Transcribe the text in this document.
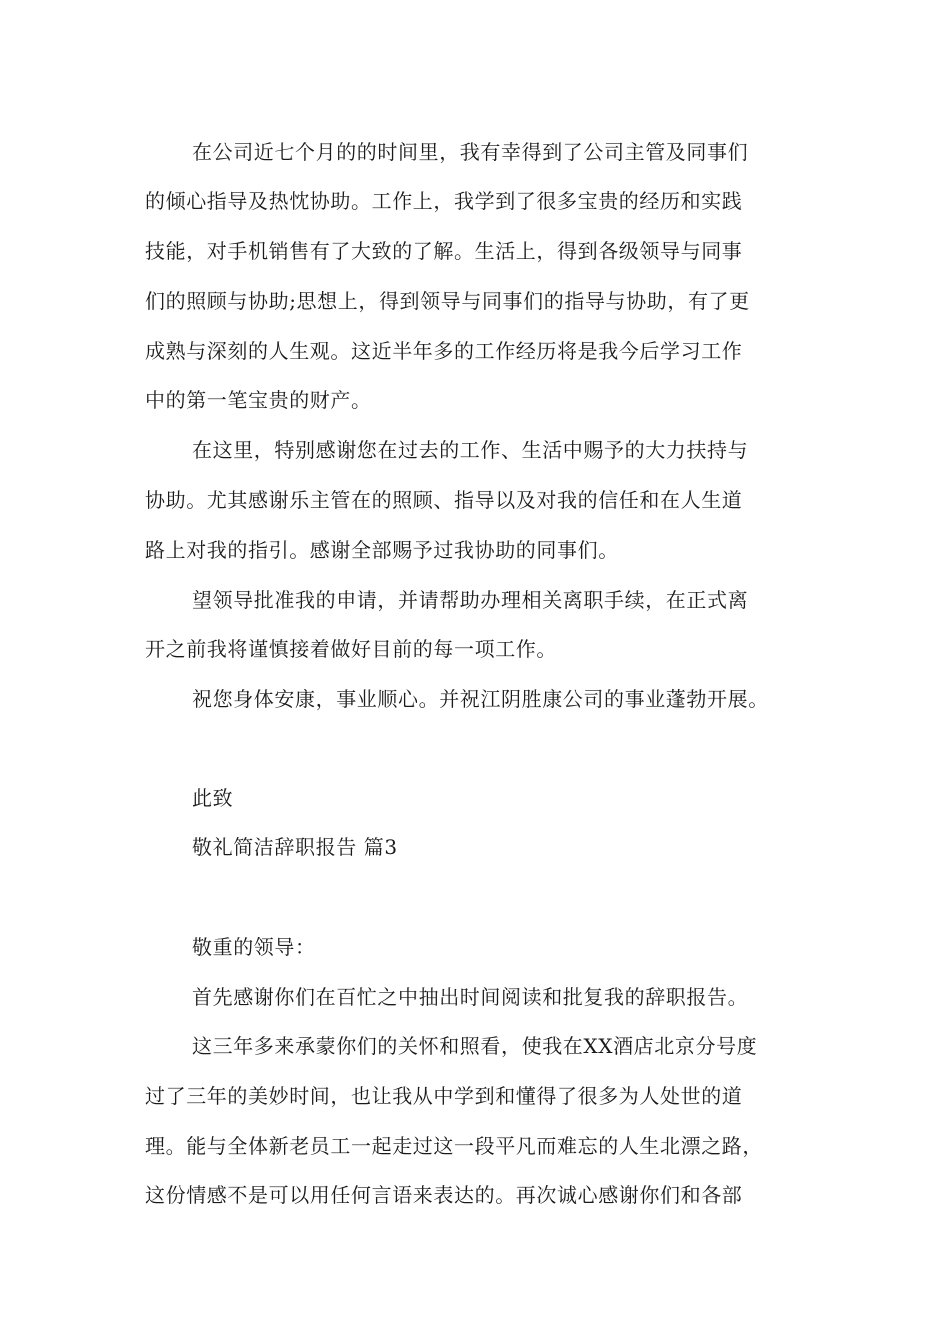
在公司近七个月的的时间里，我有幸得到了公司主管及同事们
的倾心指导及热忱协助。工作上，我学到了很多宝贵的经历和实践
技能，对手机销售有了大致的了解。生活上，得到各级领导与同事
们的照顾与协助;思想上，得到领导与同事们的指导与协助，有了更
成熟与深刻的人生观。这近半年多的工作经历将是我今后学习工作
中的第一笔宝贵的财产。
在这里，特别感谢您在过去的工作、生活中赐予的大力扶持与
协助。尤其感谢乐主管在的照顾、指导以及对我的信任和在人生道
路上对我的指引。感谢全部赐予过我协助的同事们。
望领导批准我的申请，并请帮助办理相关离职手续，在正式离
开之前我将谨慎接着做好目前的每一项工作。
祝您身体安康，事业顺心。并祝江阴胜康公司的事业蓬勃开展。
此致
敬礼简洁辞职报告 篇3
敬重的领导：
首先感谢你们在百忙之中抽出时间阅读和批复我的辞职报告。
这三年多来承蒙你们的关怀和照看，使我在XX酒店北京分号度
过了三年的美妙时间，也让我从中学到和懂得了很多为人处世的道
理。能与全体新老员工一起走过这一段平凡而难忘的人生北漂之路，
这份情感不是可以用任何言语来表达的。再次诚心感谢你们和各部
